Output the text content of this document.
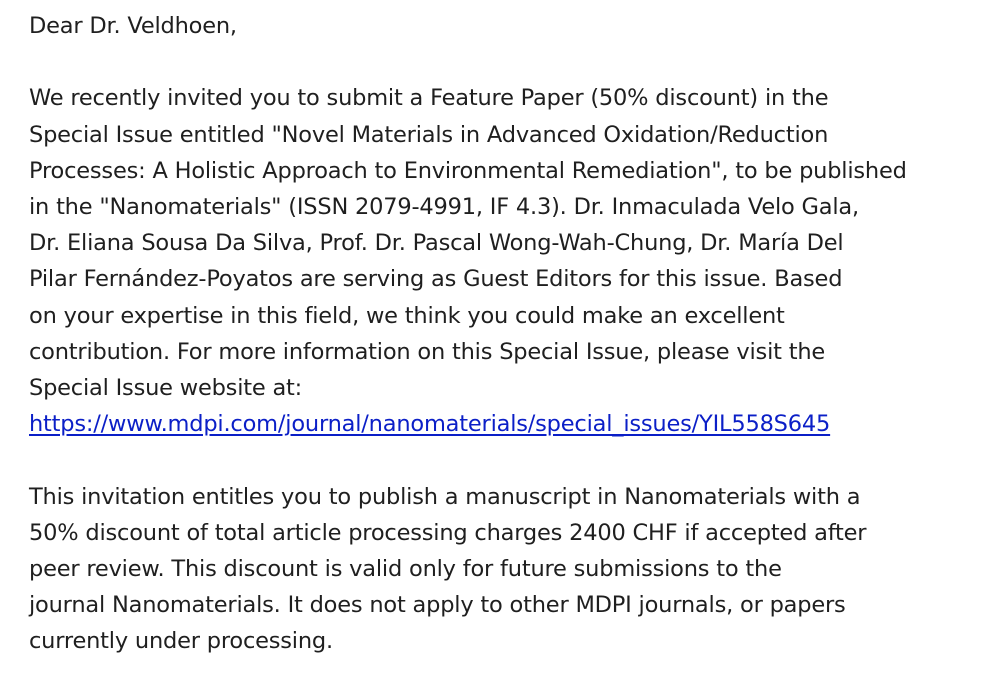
Dear Dr. Veldhoen,
We recently invited you to submit a Feature Paper (50% discount) in the
Special Issue entitled "Novel Materials in Advanced Oxidation/Reduction
Processes: A Holistic Approach to Environmental Remediation", to be published
in the "Nanomaterials" (ISSN 2079-4991, IF 4.3). Dr. Inmaculada Velo Gala,
Dr. Eliana Sousa Da Silva, Prof. Dr. Pascal Wong-Wah-Chung, Dr. María Del
Pilar Fernández-Poyatos are serving as Guest Editors for this issue. Based
on your expertise in this field, we think you could make an excellent
contribution. For more information on this Special Issue, please visit the
Special Issue website at:
https://www.mdpi.com/journal/nanomaterials/special_issues/YIL558S645
This invitation entitles you to publish a manuscript in Nanomaterials with a
50% discount of total article processing charges 2400 CHF if accepted after
peer review. This discount is valid only for future submissions to the
journal Nanomaterials. It does not apply to other MDPI journals, or papers
currently under processing.
